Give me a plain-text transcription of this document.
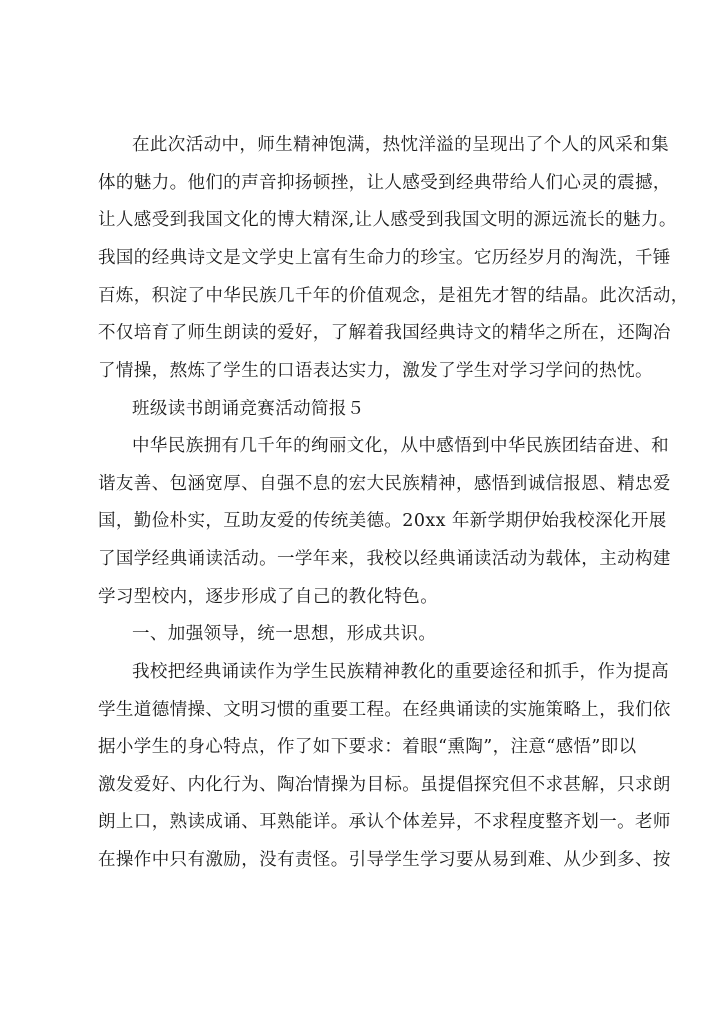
在此次活动中，师生精神饱满，热忱洋溢的呈现出了个人的风采和集
体的魅力。他们的声音抑扬顿挫，让人感受到经典带给人们心灵的震撼，
让人感受到我国文化的博大精深,让人感受到我国文明的源远流长的魅力。
我国的经典诗文是文学史上富有生命力的珍宝。它历经岁月的淘洗，千锤
百炼，积淀了中华民族几千年的价值观念，是祖先才智的结晶。此次活动，
不仅培育了师生朗读的爱好，了解着我国经典诗文的精华之所在，还陶冶
了情操，熬炼了学生的口语表达实力，激发了学生对学习学问的热忱。
班级读书朗诵竞赛活动简报５
中华民族拥有几千年的绚丽文化，从中感悟到中华民族团结奋进、和
谐友善、包涵宽厚、自强不息的宏大民族精神，感悟到诚信报恩、精忠爱
国，勤俭朴实，互助友爱的传统美德。20xx 年新学期伊始我校深化开展
了国学经典诵读活动。一学年来，我校以经典诵读活动为载体，主动构建
学习型校内，逐步形成了自己的教化特色。
一、加强领导，统一思想，形成共识。
我校把经典诵读作为学生民族精神教化的重要途径和抓手，作为提高
学生道德情操、文明习惯的重要工程。在经典诵读的实施策略上，我们依
据小学生的身心特点，作了如下要求：着眼“熏陶”，注意“感悟”即以
激发爱好、内化行为、陶冶情操为目标。虽提倡探究但不求甚解，只求朗
朗上口，熟读成诵、耳熟能详。承认个体差异，不求程度整齐划一。老师
在操作中只有激励，没有责怪。引导学生学习要从易到难、从少到多、按
